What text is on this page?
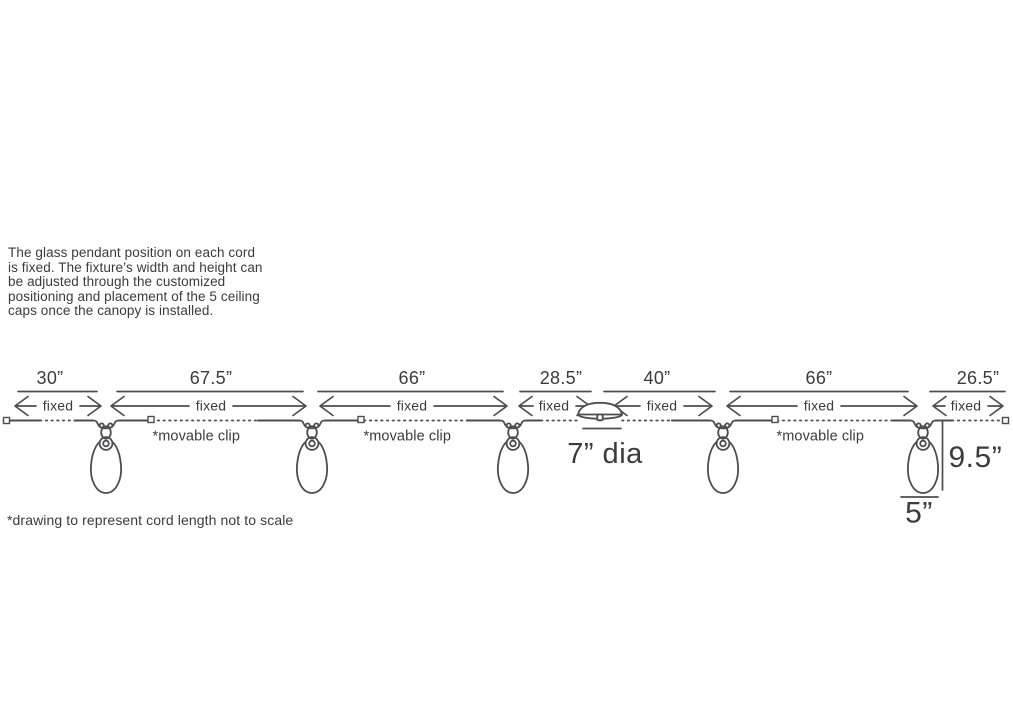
The glass pendant position on each cord
is fixed. The fixture’s width and height can
be adjusted through the customized
positioning and placement of the 5 ceiling
caps once the canopy is installed.
30”
fixed
67.5”
fixed
*movable clip
66”
fixed
*movable clip
28.5”
fixed
40”
fixed
66”
fixed
*movable clip
26.5”
fixed
7” dia	9.5”
5”
*drawing to represent cord length not to scale
